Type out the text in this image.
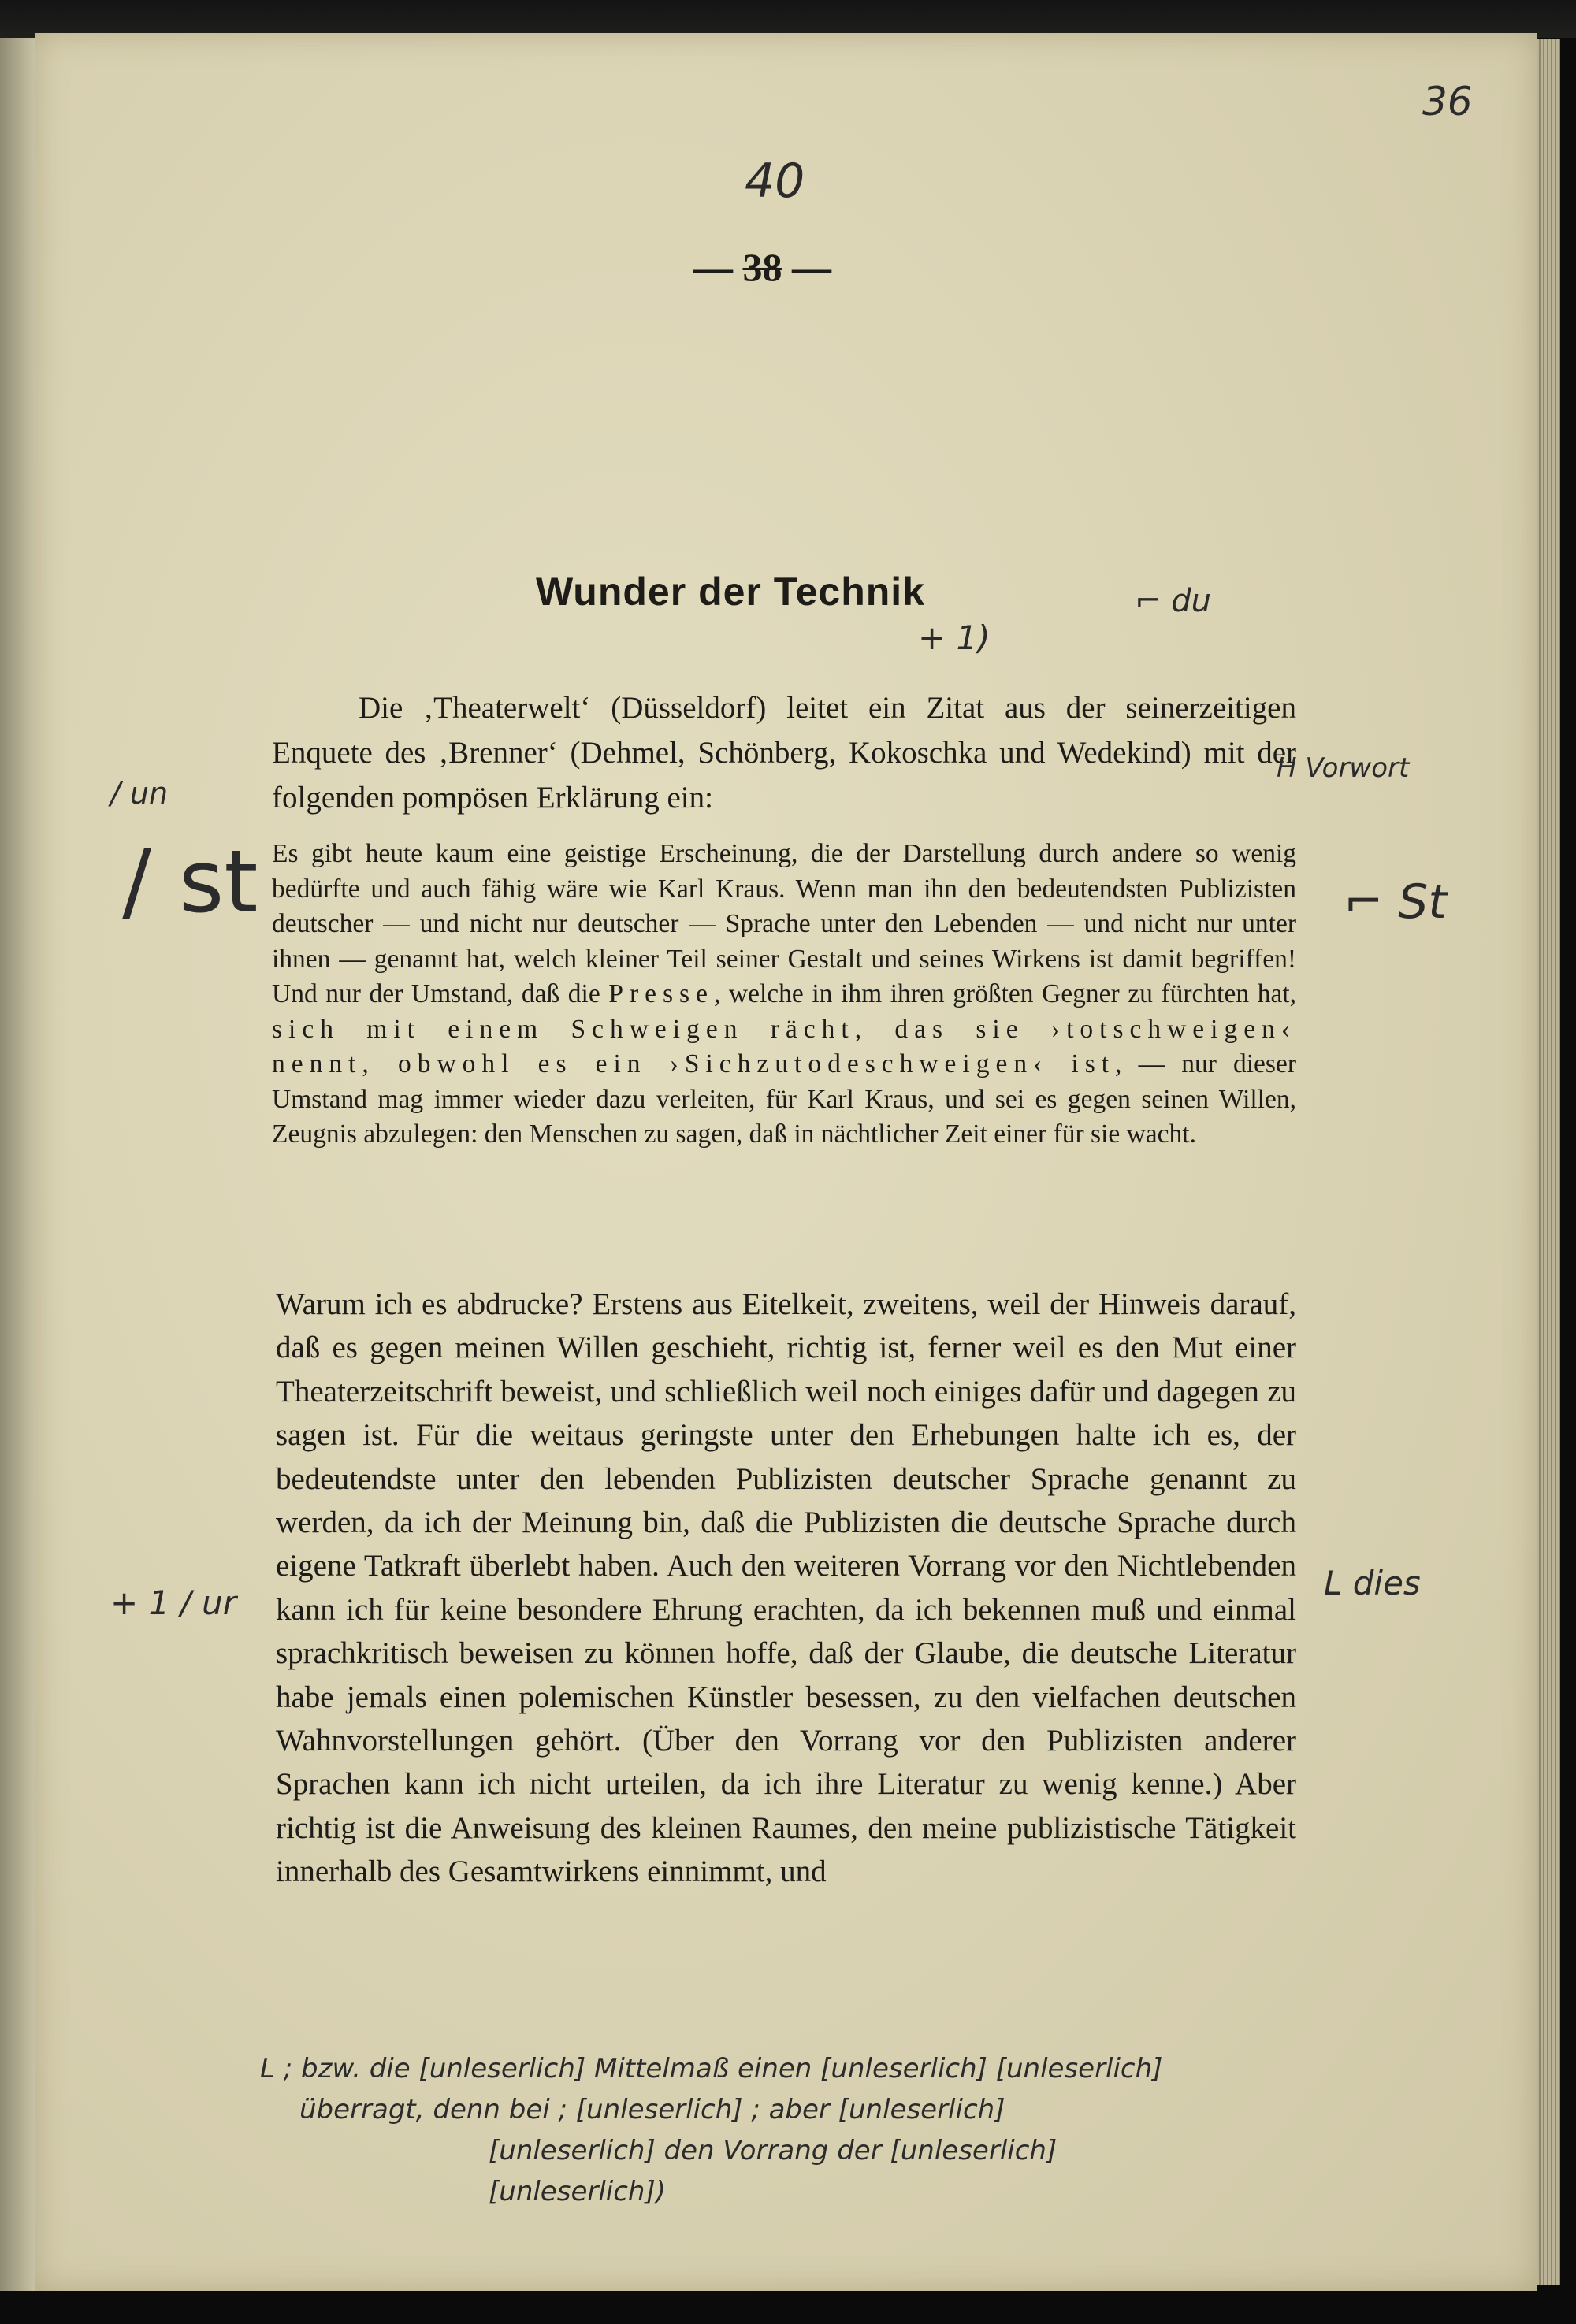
36
40
— 38 —
Wunder der Technik

Die ‚Theaterwelt‘ (Düsseldorf) leitet ein Zitat aus der seinerzeitigen Enquete des ‚Brenner‘ (Dehmel, Schönberg, Kokoschka und Wedekind) mit der folgenden pompösen Erklärung ein:

Es gibt heute kaum eine geistige Erscheinung, die der Darstellung durch andere so wenig bedürfte und auch fähig wäre wie Karl Kraus. Wenn man ihn den bedeutendsten Publizisten deutscher — und nicht nur deutscher — Sprache unter den Lebenden — und nicht nur unter ihnen — genannt hat, welch kleiner Teil seiner Gestalt und seines Wirkens ist damit begriffen! Und nur der Umstand, daß die Presse, welche in ihm ihren größten Gegner zu fürchten hat, sich mit einem Schweigen rächt, das sie ›totschweigen‹ nennt, obwohl es ein ›Sichzutodeschweigen‹ ist, — nur dieser Umstand mag immer wieder dazu verleiten, für Karl Kraus, und sei es gegen seinen Willen, Zeugnis abzulegen: den Menschen zu sagen, daß in nächtlicher Zeit einer für sie wacht.

Warum ich es abdrucke? Erstens aus Eitelkeit, zweitens, weil der Hinweis darauf, daß es gegen meinen Willen geschieht, richtig ist, ferner weil es den Mut einer Theaterzeitschrift beweist, und schließlich weil noch einiges dafür und dagegen zu sagen ist. Für die weitaus geringste unter den Erhebungen halte ich es, der bedeutendste unter den lebenden Publizisten deutscher Sprache genannt zu werden, da ich der Meinung bin, daß die Publizisten die deutsche Sprache durch eigene Tatkraft überlebt haben. Auch den weiteren Vorrang vor den Nichtlebenden kann ich für keine besondere Ehrung erachten, da ich bekennen muß und einmal sprachkritisch beweisen zu können hoffe, daß der Glaube, die deutsche Literatur habe jemals einen polemischen Künstler besessen, zu den vielfachen deutschen Wahnvorstellungen gehört. (Über den Vorrang vor den Publizisten anderer Sprachen kann ich nicht urteilen, da ich ihre Literatur zu wenig kenne.) Aber richtig ist die Anweisung des kleinen Raumes, den meine publizistische Tätigkeit innerhalb des Gesamtwirkens einnimmt, und

/ un
/ st
+ 1 / ur
⌐ du
H Vorwort
⌐ St
L dies
+ 1)
L ; bzw. die [unleserlich] Mittelmaß einen [unleserlich] [unleserlich]
überragt, denn bei ; [unleserlich] ; aber [unleserlich]
[unleserlich] den Vorrang der [unleserlich] [unleserlich])
